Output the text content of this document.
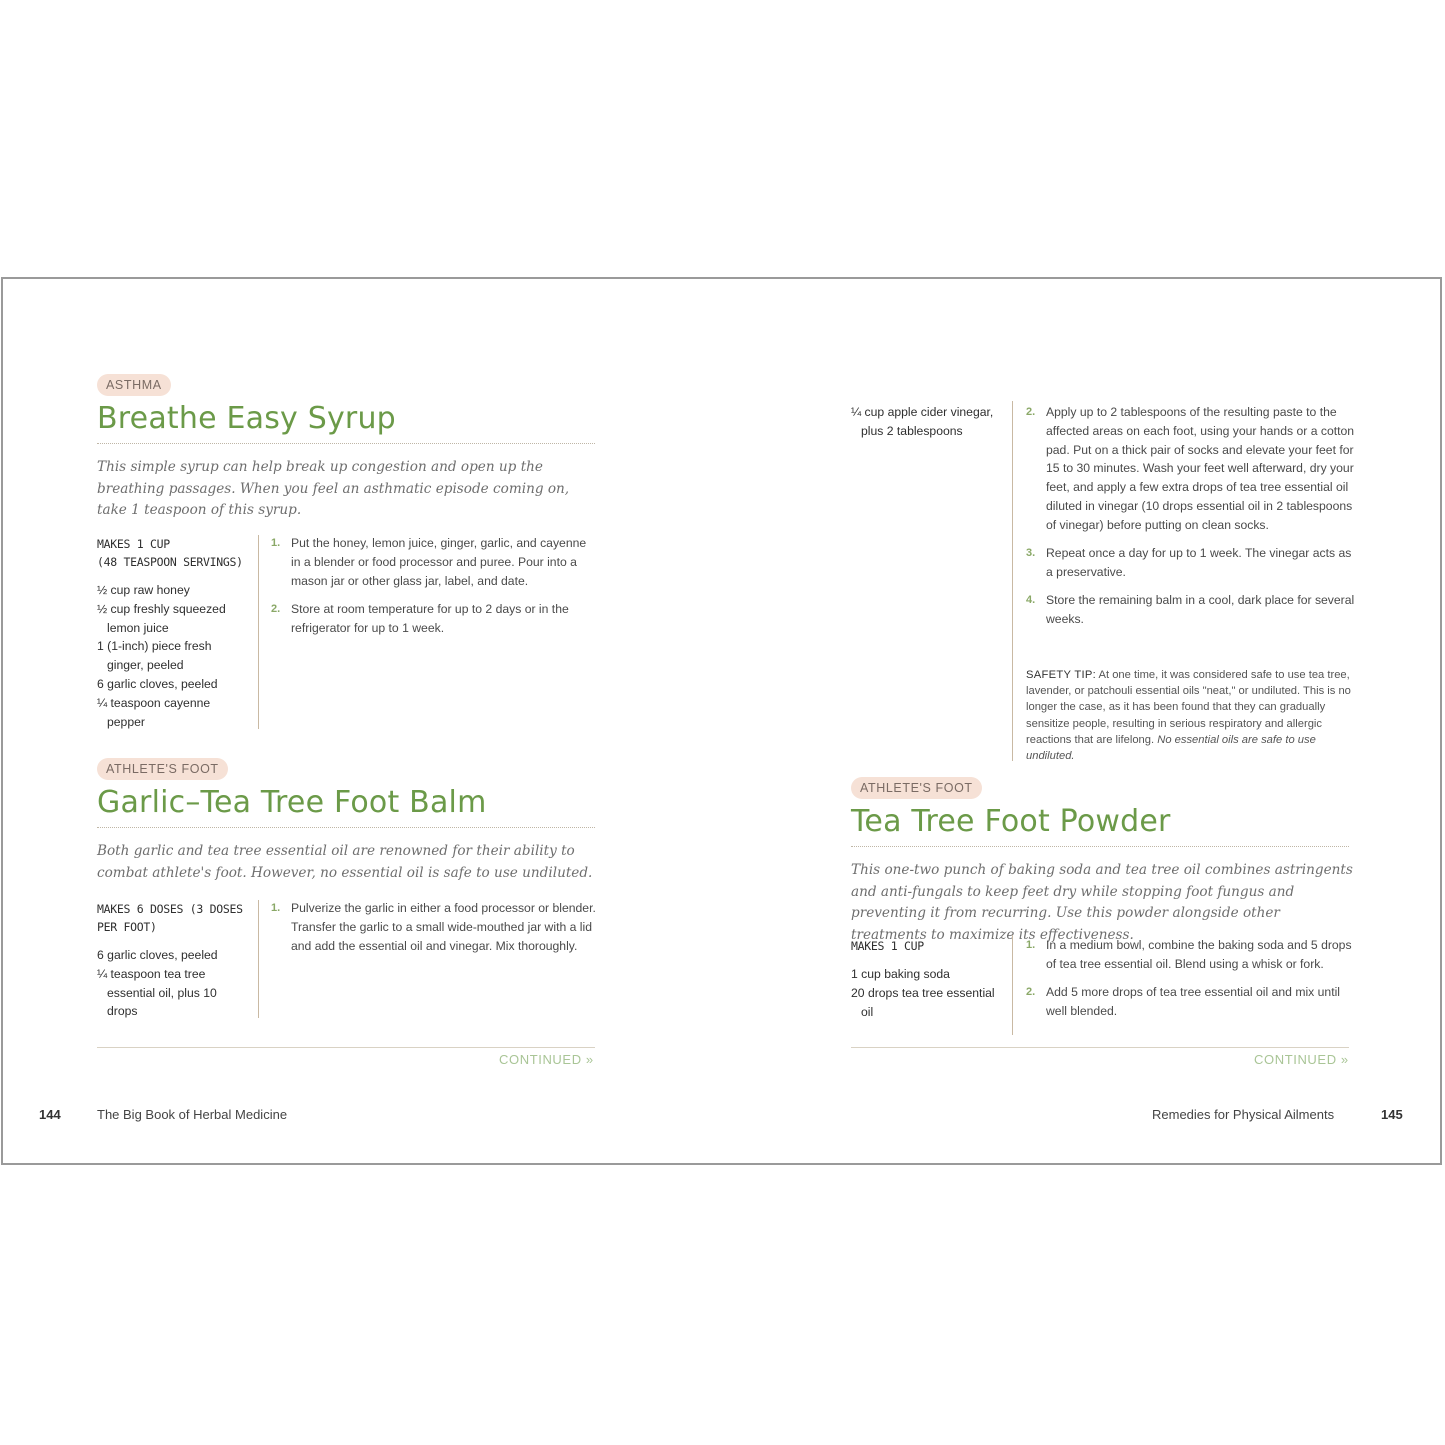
ASTHMA
Breathe Easy Syrup
This simple syrup can help break up congestion and open up the breathing passages. When you feel an asthmatic episode coming on, take 1 teaspoon of this syrup.
MAKES 1 CUP
(48 TEASPOON SERVINGS)
½ cup raw honey
½ cup freshly squeezed lemon juice
1 (1-inch) piece fresh ginger, peeled
6 garlic cloves, peeled
¼ teaspoon cayenne pepper
1. Put the honey, lemon juice, ginger, garlic, and cayenne in a blender or food processor and puree. Pour into a mason jar or other glass jar, label, and date.
2. Store at room temperature for up to 2 days or in the refrigerator for up to 1 week.
ATHLETE'S FOOT
Garlic–Tea Tree Foot Balm
Both garlic and tea tree essential oil are renowned for their ability to combat athlete's foot. However, no essential oil is safe to use undiluted.
MAKES 6 DOSES (3 DOSES
PER FOOT)
6 garlic cloves, peeled
¼ teaspoon tea tree essential oil, plus 10 drops
1. Pulverize the garlic in either a food processor or blender. Transfer the garlic to a small wide-mouthed jar with a lid and add the essential oil and vinegar. Mix thoroughly.
CONTINUED »
144	The Big Book of Herbal Medicine
¼ cup apple cider vinegar, plus 2 tablespoons
2. Apply up to 2 tablespoons of the resulting paste to the affected areas on each foot, using your hands or a cotton pad. Put on a thick pair of socks and elevate your feet for 15 to 30 minutes. Wash your feet well afterward, dry your feet, and apply a few extra drops of tea tree essential oil diluted in vinegar (10 drops essential oil in 2 tablespoons of vinegar) before putting on clean socks.
3. Repeat once a day for up to 1 week. The vinegar acts as a preservative.
4. Store the remaining balm in a cool, dark place for several weeks.
SAFETY TIP: At one time, it was considered safe to use tea tree, lavender, or patchouli essential oils "neat," or undiluted. This is no longer the case, as it has been found that they can gradually sensitize people, resulting in serious respiratory and allergic reactions that are lifelong. No essential oils are safe to use undiluted.
ATHLETE'S FOOT
Tea Tree Foot Powder
This one-two punch of baking soda and tea tree oil combines astringents and anti-fungals to keep feet dry while stopping foot fungus and preventing it from recurring. Use this powder alongside other treatments to maximize its effectiveness.
MAKES 1 CUP
1 cup baking soda
20 drops tea tree essential oil
1. In a medium bowl, combine the baking soda and 5 drops of tea tree essential oil. Blend using a whisk or fork.
2. Add 5 more drops of tea tree essential oil and mix until well blended.
CONTINUED »
Remedies for Physical Ailments	145
